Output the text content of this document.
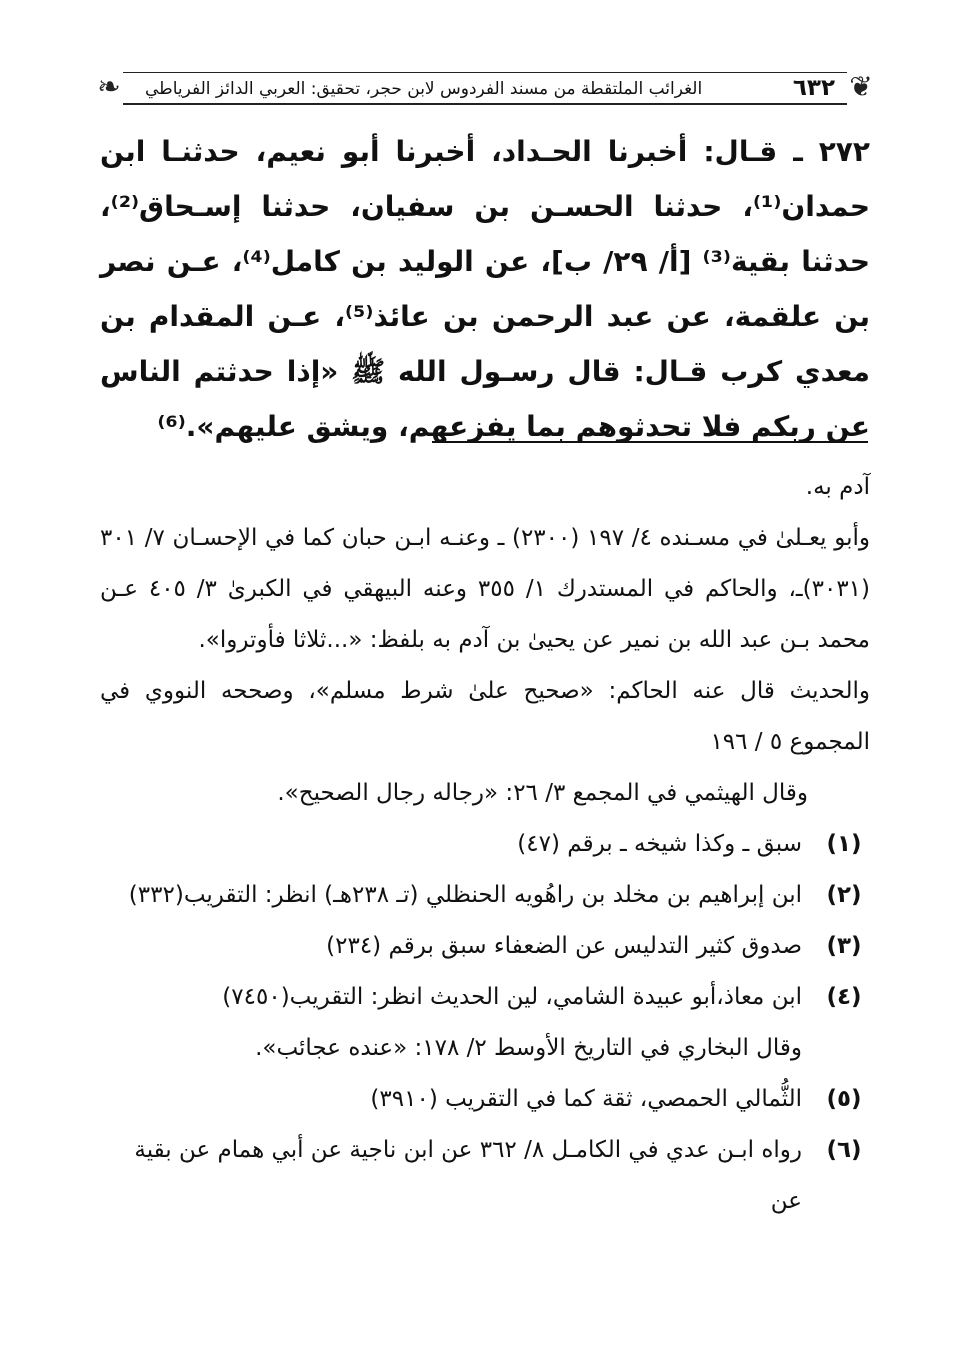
❦
❧	٦٣٢
الغرائب الملتقطة من مسند الفردوس لابن حجر، تحقيق: العربي الدائز الفرياطي

٢٧٢ ـ قـال: أخبرنا الحـداد، أخبرنا أبو نعيم، حدثنـا ابن حمدان⁽¹⁾، حدثنا الحسـن بن سفيان، حدثنا إسـحاق⁽²⁾، حدثنا بقية⁽³⁾ [أ/ ٢٩/ ب]، عن الوليد بن كامل⁽⁴⁾، عـن نصر بن علقمة، عن عبد الرحمن بن عائذ⁽⁵⁾، عـن المقدام بن معدي كرب قـال: قال رسـول الله ﷺ «إذا حدثتم الناس عن ربكم فلا تحدثوهم بما يفزعهم، ويشق عليهم».⁽⁶⁾

آدم به.

وأبو يعـلىٰ في مسـنده ٤/ ١٩٧ (٢٣٠٠) ـ وعنـه ابـن حبان كما في الإحسـان ٧/ ٣٠١ (٣٠٣١)ـ، والحاكم في المستدرك ١/ ٣٥٥ وعنه البيهقي في الكبرىٰ ٣/ ٤٠٥ عـن محمد بـن عبد الله بن نمير عن يحيىٰ بن آدم به بلفظ: «...ثلاثا فأوتروا».

والحديث قال عنه الحاكم: «صحيح علىٰ شرط مسلم»، وصححه النووي في المجموع ٥ / ١٩٦

وقال الهيثمي في المجمع ٣/ ٢٦: «رجاله رجال الصحيح».

(١)
سبق ـ وكذا شيخه ـ برقم (٤٧)
(٢)
ابن إبراهيم بن مخلد بن راهُويه الحنظلي (تـ ٢٣٨هـ) انظر: التقريب(٣٣٢)
(٣)
صدوق كثير التدليس عن الضعفاء سبق برقم (٢٣٤)
(٤)
ابن معاذ،أبو عبيدة الشامي، لين الحديث انظر: التقريب(٧٤٥٠)

وقال البخاري في التاريخ الأوسط ٢/ ١٧٨: «عنده عجائب».

(٥)
الثُّمالي الحمصي، ثقة كما في التقريب (٣٩١٠)
(٦)
رواه ابـن عدي في الكامـل ٨/ ٣٦٢ عن ابن ناجية عن أبي همام عن بقية عن
